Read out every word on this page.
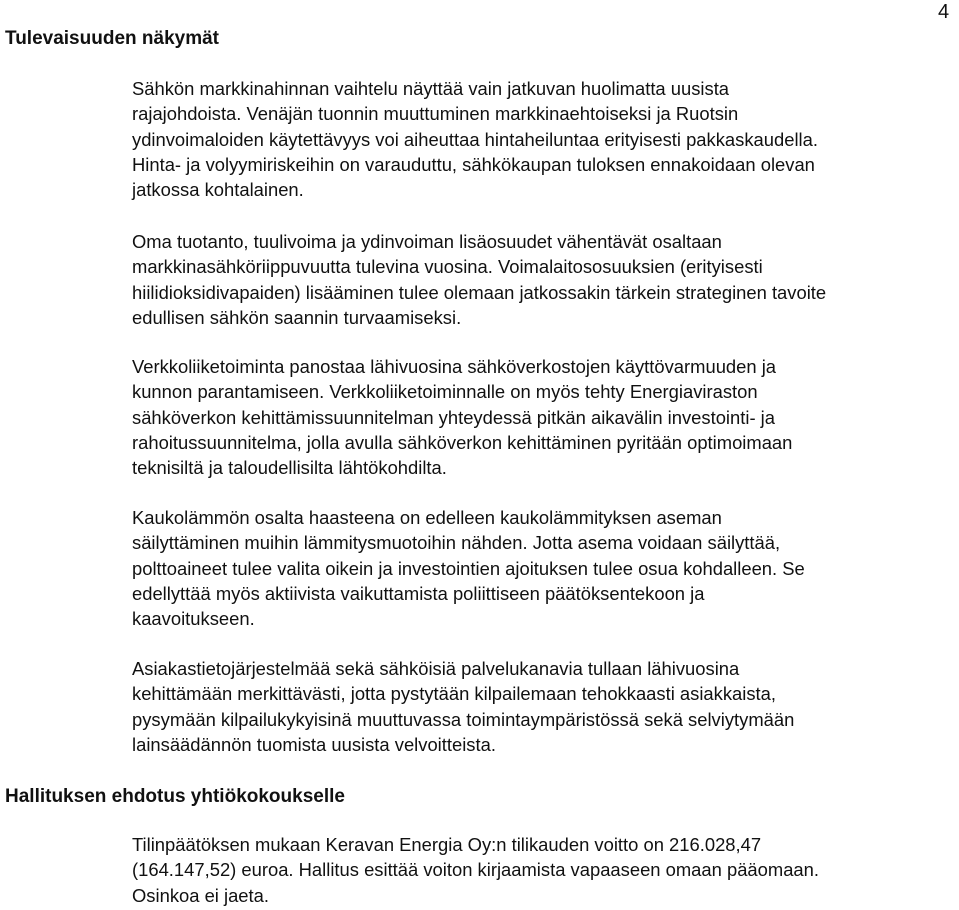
4
Tulevaisuuden näkymät

Sähkön markkinahinnan vaihtelu näyttää vain jatkuvan huolimatta uusista
rajajohdoista. Venäjän tuonnin muuttuminen markkinaehtoiseksi ja Ruotsin
ydinvoimaloiden käytettävyys voi aiheuttaa hintaheiluntaa erityisesti pakkaskaudella.
Hinta- ja volyymiriskeihin on varauduttu, sähkökaupan tuloksen ennakoidaan olevan
jatkossa kohtalainen.

Oma tuotanto, tuulivoima ja ydinvoiman lisäosuudet vähentävät osaltaan
markkinasähköriippuvuutta tulevina vuosina. Voimalaitososuuksien (erityisesti
hiilidioksidivapaiden) lisääminen tulee olemaan jatkossakin tärkein strateginen tavoite
edullisen sähkön saannin turvaamiseksi.

Verkkoliiketoiminta panostaa lähivuosina sähköverkostojen käyttövarmuuden ja
kunnon parantamiseen. Verkkoliiketoiminnalle on myös tehty Energiaviraston
sähköverkon kehittämissuunnitelman yhteydessä pitkän aikavälin investointi- ja
rahoitussuunnitelma, jolla avulla sähköverkon kehittäminen pyritään optimoimaan
teknisiltä ja taloudellisilta lähtökohdilta.

Kaukolämmön osalta haasteena on edelleen kaukolämmityksen aseman
säilyttäminen muihin lämmitysmuotoihin nähden. Jotta asema voidaan säilyttää,
polttoaineet tulee valita oikein ja investointien ajoituksen tulee osua kohdalleen. Se
edellyttää myös aktiivista vaikuttamista poliittiseen päätöksentekoon ja
kaavoitukseen.

Asiakastietojärjestelmää sekä sähköisiä palvelukanavia tullaan lähivuosina
kehittämään merkittävästi, jotta pystytään kilpailemaan tehokkaasti asiakkaista,
pysymään kilpailukykyisinä muuttuvassa toimintaympäristössä sekä selviytymään
lainsäädännön tuomista uusista velvoitteista.

Hallituksen ehdotus yhtiökokoukselle

Tilinpäätöksen mukaan Keravan Energia Oy:n tilikauden voitto on 216.028,47
(164.147,52) euroa. Hallitus esittää voiton kirjaamista vapaaseen omaan pääomaan.
Osinkoa ei jaeta.
